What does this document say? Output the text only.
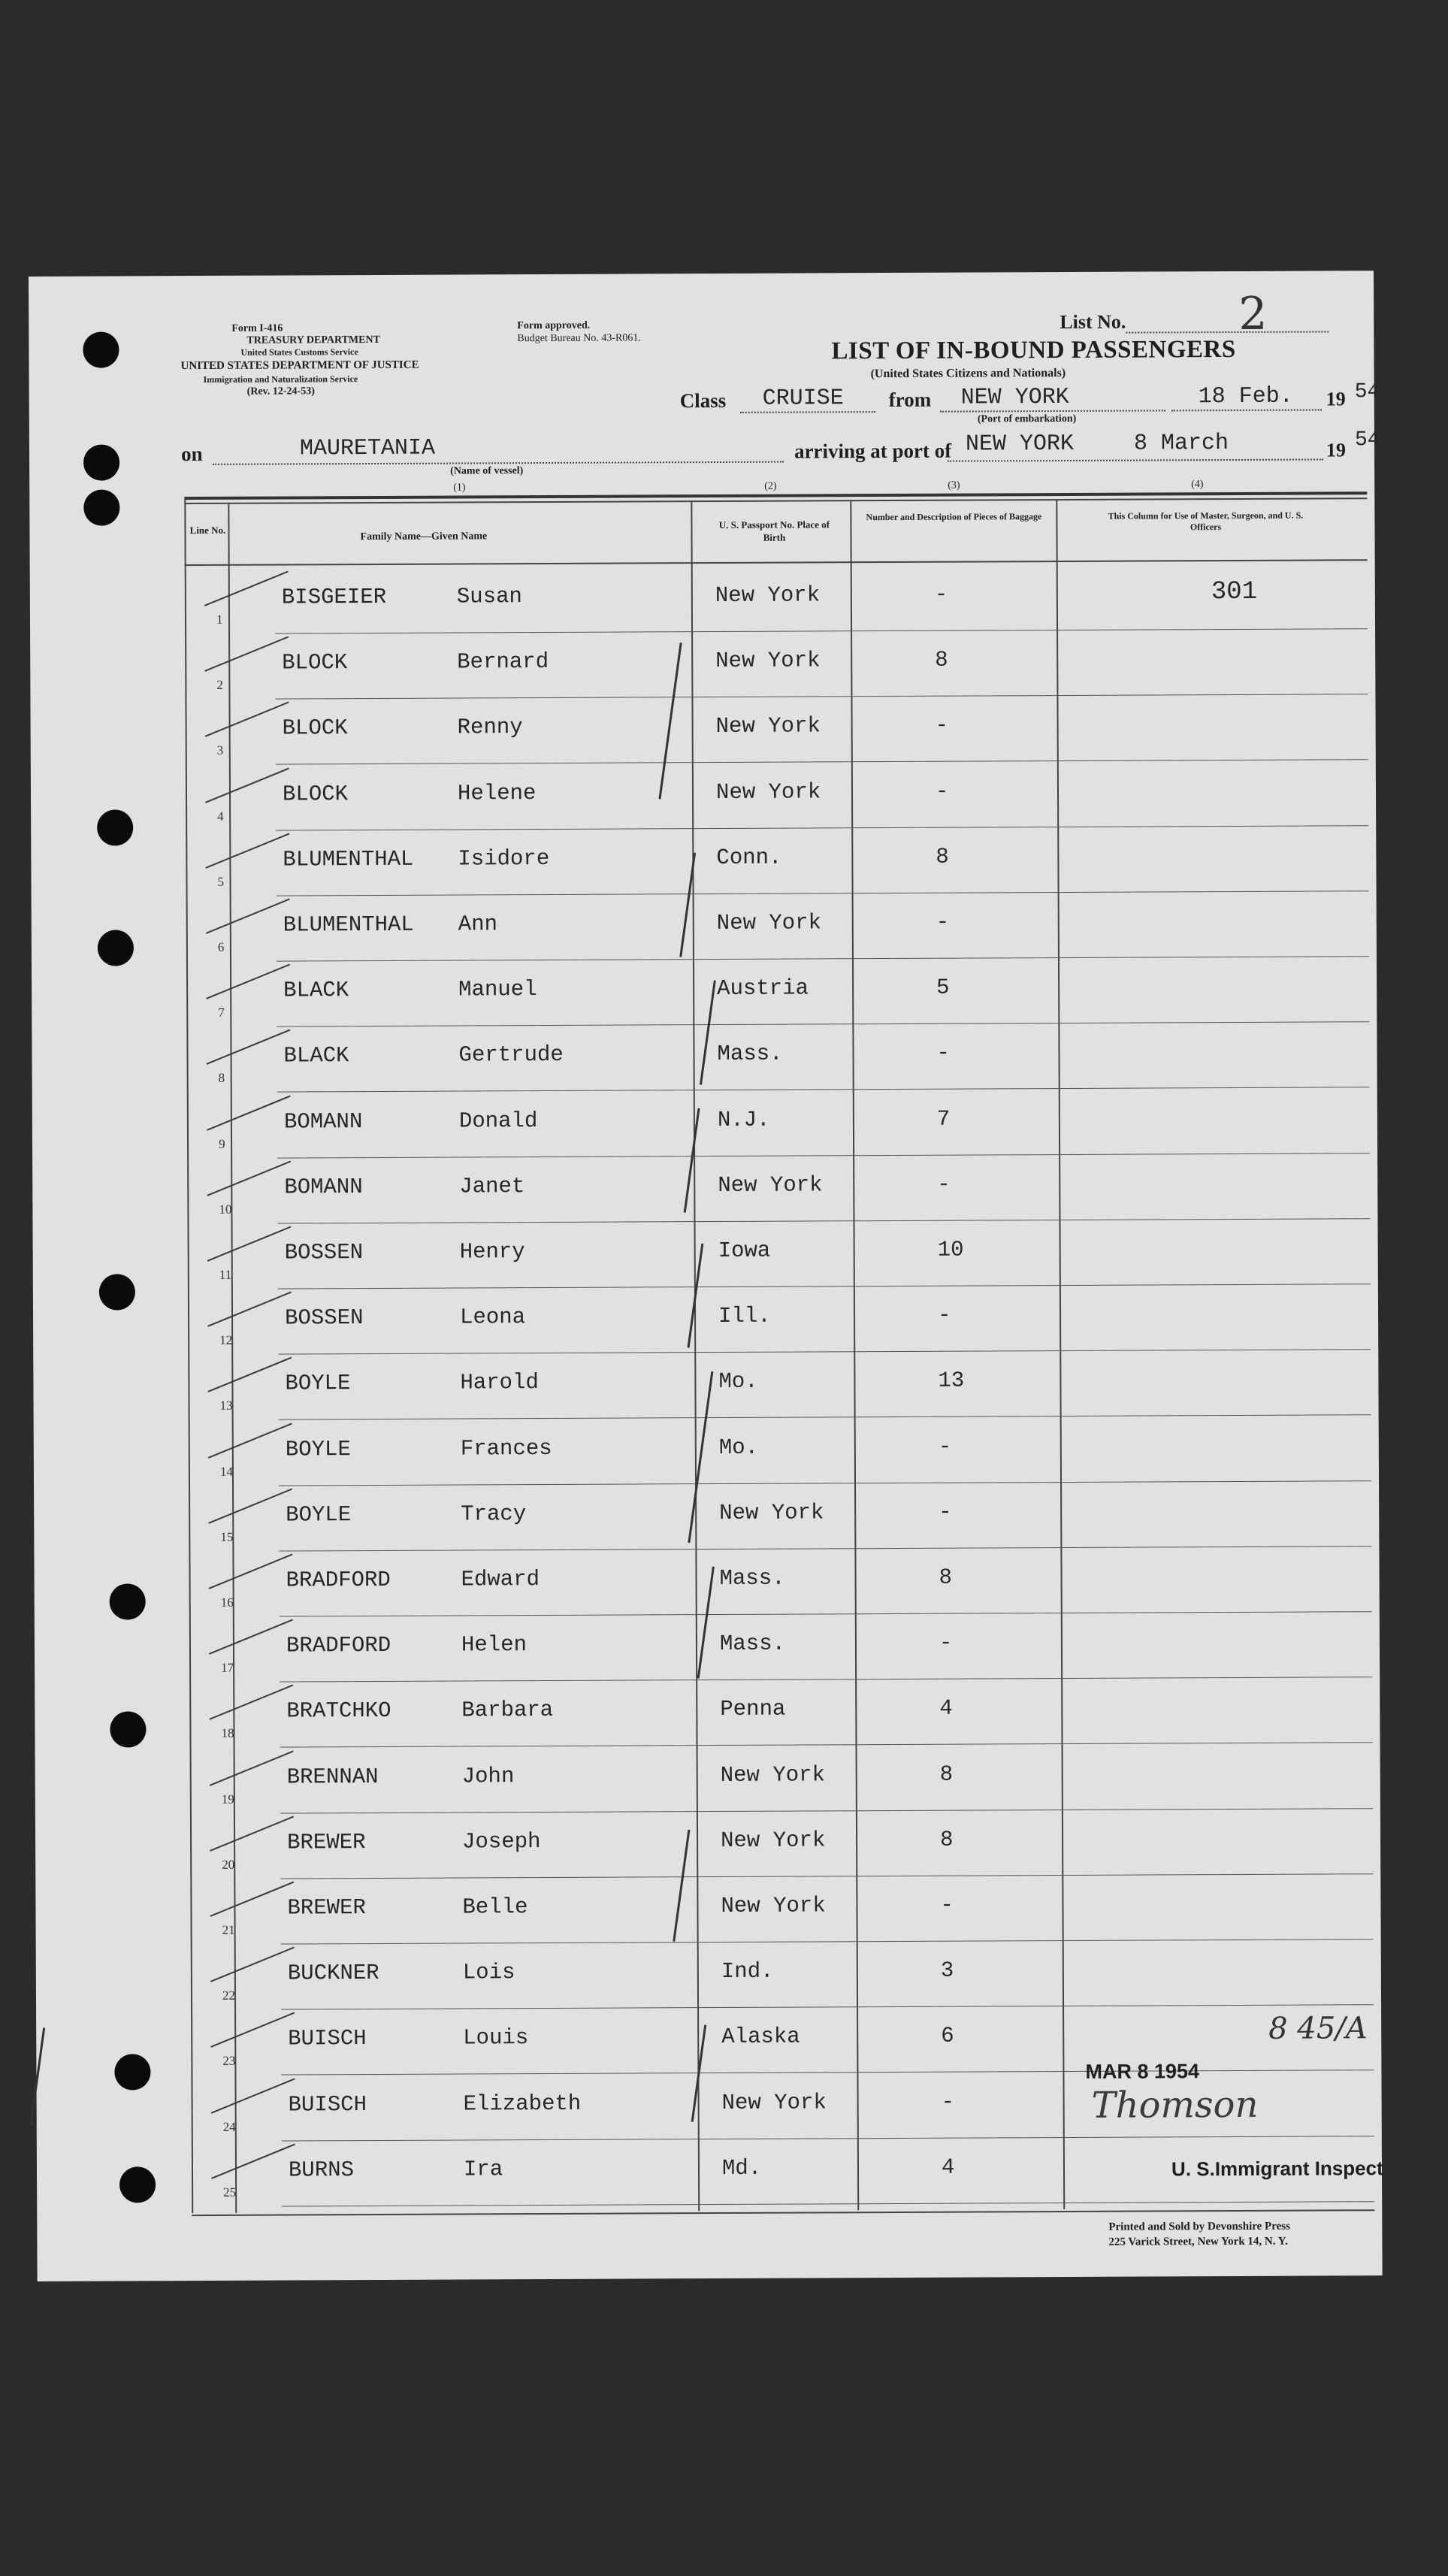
Form I-416
TREASURY DEPARTMENT
United States Customs Service
UNITED STATES DEPARTMENT OF JUSTICE
Immigration and Naturalization Service
(Rev. 12-24-53)
Form approved.
Budget Bureau No. 43-R061.
List No. 2
LIST OF IN-BOUND PASSENGERS
(United States Citizens and Nationals)
Class CRUISE from NEW YORK
(Port of embarkation)
18 Feb. 19 54
on	MAURETANIA
(Name of vessel)
arriving at port of NEW YORK	8 March	19 54
(1)	(2)	(3)	(4)
Line No.
Family Name—Given Name
U. S. Passport No. Place of Birth
Number and Description of Pieces of Baggage	This Column for Use of Master, Surgeon, and U. S. Officers
BISGEIER	Susan	New York	-	301
1
BLOCK	Bernard	New York	8
2
BLOCK	Renny	New York	-
3
BLOCK	Helene	New York	-
4
BLUMENTHAL Isidore	Conn.	8
5
BLUMENTHAL Ann	New York	-
6
BLACK	Manuel	Austria	5
7
BLACK	Gertrude	Mass.	-
8
BOMANN	Donald	N.J.	7
9
BOMANN	Janet	New York	-
10
BOSSEN	Henry	Iowa	10
11
BOSSEN	Leona	Ill.	-
12
BOYLE	Harold	Mo.	13
13
BOYLE	Frances	Mo.	-
14
BOYLE	Tracy	New York	-
15
BRADFORD	Edward	Mass.	8
16
BRADFORD	Helen	Mass.	-
17
BRATCHKO	Barbara	Penna	4
18
BRENNAN	John	New York	8
19
BREWER	Joseph	New York	8
20
BREWER	Belle	New York	-
21
BUCKNER	Lois	Ind.	3
22
BUISCH	Louis	Alaska	6
23
BUISCH	Elizabeth	New York	-
24
BURNS	Ira	Md.	4
25
8 45/A
MAR 8 1954
Thomson
U. S.Immigrant Inspect
Printed and Sold by Devonshire Press
225 Varick Street, New York 14, N. Y.
